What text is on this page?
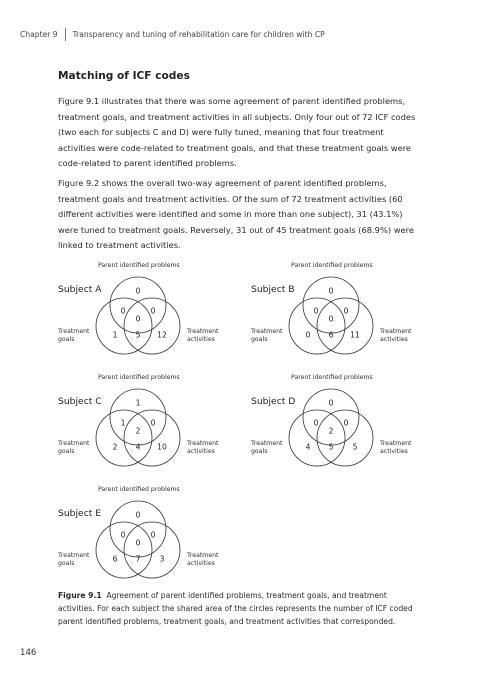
Chapter 9 Transparency and tuning of rehabilitation care for children with CP
Matching of ICF codes

Figure 9.1 illustrates that there was some agreement of parent identified problems, treatment goals, and treatment activities in all subjects. Only four out of 72 ICF codes (two each for subjects C and D) were fully tuned, meaning that four treatment activities were code-related to treatment goals, and that these treatment goals were code-related to parent identified problems.

Figure 9.2 shows the overall two-way agreement of parent identified problems, treatment goals and treatment activities. Of the sum of 72 treatment activities (60 different activities were identified and some in more than one subject), 31 (43.1%) were tuned to treatment goals. Reversely, 31 out of 45 treatment goals (68.9%) were linked to treatment activities.

Parent identified problems
Subject A
Treatment goals
Treatment activities
0
0	0
0
1 5 12
Parent identified problems
Subject B
Treatment goals
Treatment activities
0
0	0
0
0 6 11
Parent identified problems
Subject C
Treatment goals
Treatment activities
1
1	0
2
2 4 10
Parent identified problems
Subject D
Treatment goals
Treatment activities
0
0	0
2
4 5	5
Parent identified problems
Subject E
Treatment goals
Treatment activities
0
0	0
0
6 7	3

Figure 9.1 Agreement of parent identified problems, treatment goals, and treatment activities. For each subject the shared area of the circles represents the number of ICF coded parent identified problems, treatment goals, and treatment activities that corresponded.

146
